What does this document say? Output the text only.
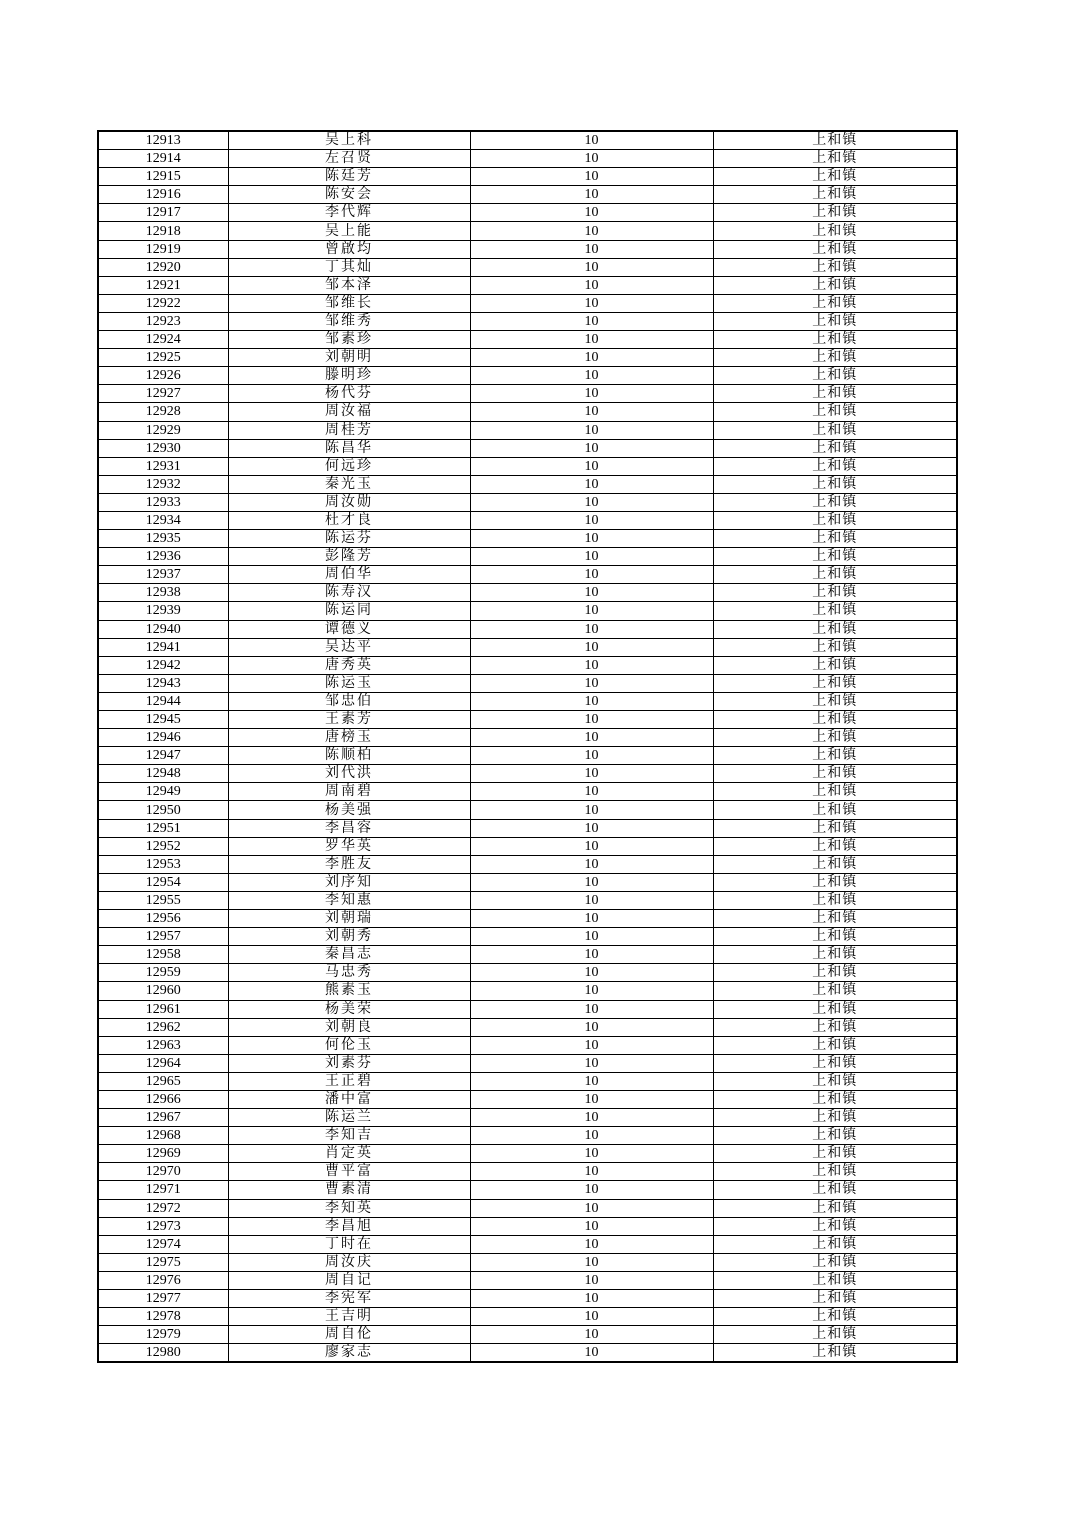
12913	吴上科	10	上和镇
12914	左召贤	10	上和镇
12915	陈廷芳	10	上和镇
12916	陈安会	10	上和镇
12917	李代辉	10	上和镇
12918	吴上能	10	上和镇
12919	曾啟均	10	上和镇
12920	丁其灿	10	上和镇
12921	邹本泽	10	上和镇
12922	邹维长	10	上和镇
12923	邹维秀	10	上和镇
12924	邹素珍	10	上和镇
12925	刘朝明	10	上和镇
12926	滕明珍	10	上和镇
12927	杨代芬	10	上和镇
12928	周汝福	10	上和镇
12929	周桂芳	10	上和镇
12930	陈昌华	10	上和镇
12931	何远珍	10	上和镇
12932	秦光玉	10	上和镇
12933	周汝勋	10	上和镇
12934	杜才良	10	上和镇
12935	陈运芬	10	上和镇
12936	彭隆芳	10	上和镇
12937	周伯华	10	上和镇
12938	陈寿汉	10	上和镇
12939	陈运同	10	上和镇
12940	谭德义	10	上和镇
12941	吴达平	10	上和镇
12942	唐秀英	10	上和镇
12943	陈运玉	10	上和镇
12944	邹忠伯	10	上和镇
12945	王素芳	10	上和镇
12946	唐榜玉	10	上和镇
12947	陈顺柏	10	上和镇
12948	刘代洪	10	上和镇
12949	周南碧	10	上和镇
12950	杨美强	10	上和镇
12951	李昌容	10	上和镇
12952	罗华英	10	上和镇
12953	李胜友	10	上和镇
12954	刘序知	10	上和镇
12955	李知惠	10	上和镇
12956	刘朝瑞	10	上和镇
12957	刘朝秀	10	上和镇
12958	秦昌志	10	上和镇
12959	马忠秀	10	上和镇
12960	熊素玉	10	上和镇
12961	杨美荣	10	上和镇
12962	刘朝良	10	上和镇
12963	何伦玉	10	上和镇
12964	刘素芬	10	上和镇
12965	王正碧	10	上和镇
12966	潘中富	10	上和镇
12967	陈运兰	10	上和镇
12968	李知吉	10	上和镇
12969	肖定英	10	上和镇
12970	曹平富	10	上和镇
12971	曹素清	10	上和镇
12972	李知英	10	上和镇
12973	李昌旭	10	上和镇
12974	丁时在	10	上和镇
12975	周汝庆	10	上和镇
12976	周自记	10	上和镇
12977	李宪军	10	上和镇
12978	王吉明	10	上和镇
12979	周自伦	10	上和镇
12980	廖家志	10	上和镇
